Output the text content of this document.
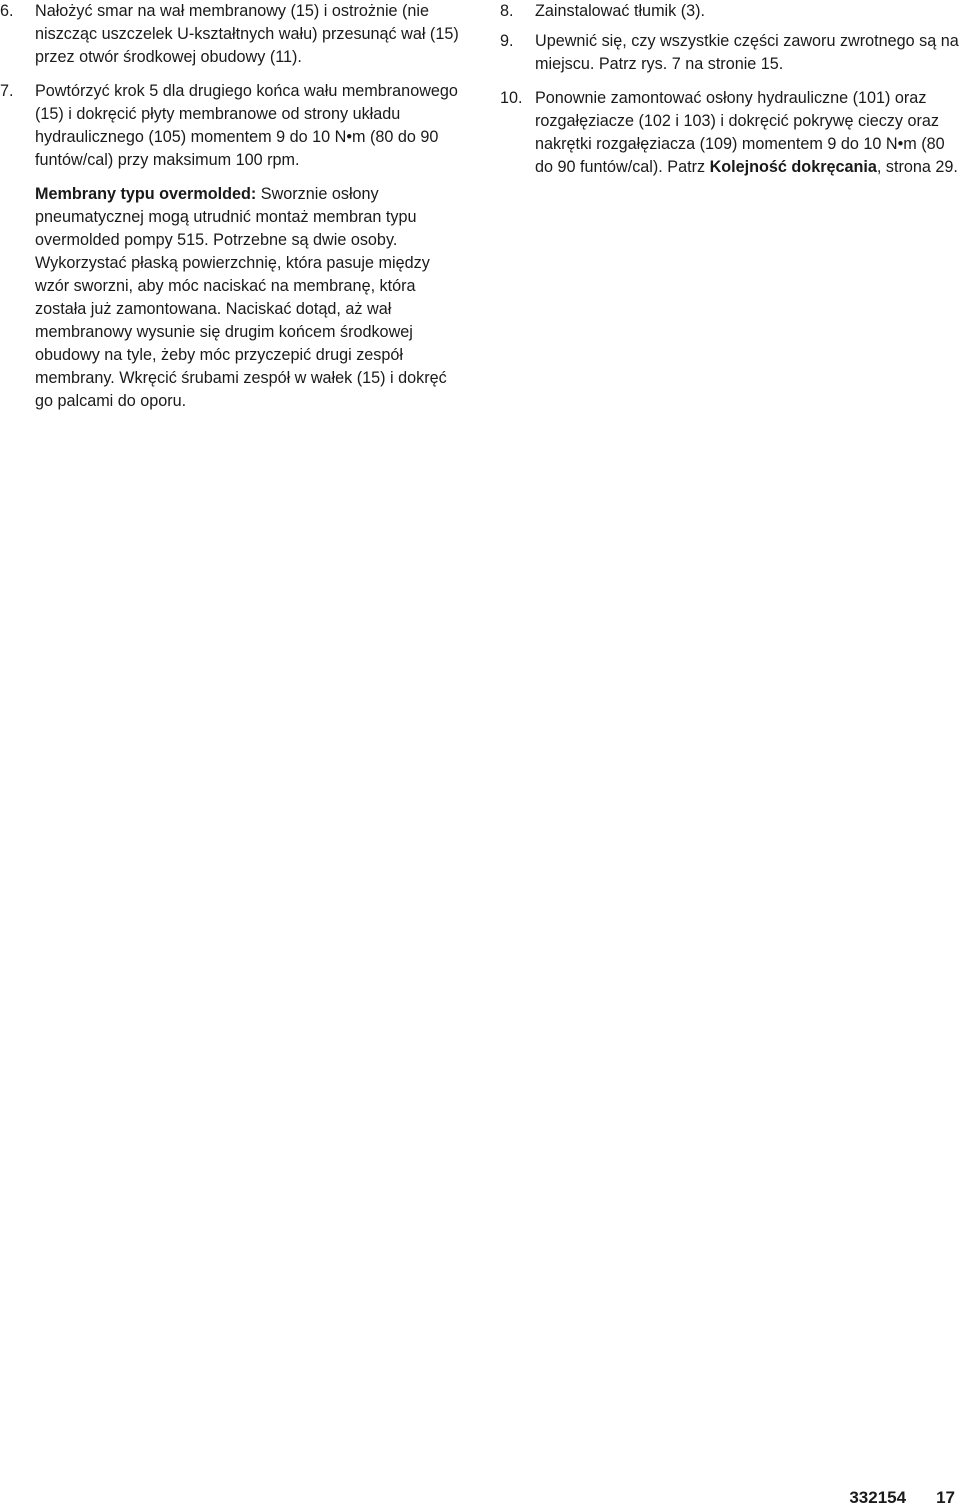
6. Nałożyć smar na wał membranowy (15) i ostrożnie (nie niszcząc uszczelek U-kształtnych wału) przesunąć wał (15) przez otwór środkowej obudowy (11).

7. Powtórzyć krok 5 dla drugiego końca wału membranowego (15) i dokręcić płyty membranowe od strony układu hydraulicznego (105) momentem 9 do 10 N•m (80 do 90 funtów/cal) przy maksimum 100 rpm.

Membrany typu overmolded: Sworznie osłony pneumatycznej mogą utrudnić montaż membran typu overmolded pompy 515. Potrzebne są dwie osoby. Wykorzystać płaską powierzchnię, która pasuje między wzór sworzni, aby móc naciskać na membranę, która została już zamontowana. Naciskać dotąd, aż wał membranowy wysunie się drugim końcem środkowej obudowy na tyle, żeby móc przyczepić drugi zespół membrany. Wkręcić śrubami zespół w wałek (15) i dokręć go palcami do oporu.

8. Zainstalować tłumik (3).

9. Upewnić się, czy wszystkie części zaworu zwrotnego są na miejscu. Patrz rys. 7 na stronie 15.

10. Ponownie zamontować osłony hydrauliczne (101) oraz rozgałęziacze (102 i 103) i dokręcić pokrywę cieczy oraz nakrętki rozgałęziacza (109) momentem 9 do 10 N•m (80 do 90 funtów/cal). Patrz Kolejność dokręcania, strona 29.

332154 17
